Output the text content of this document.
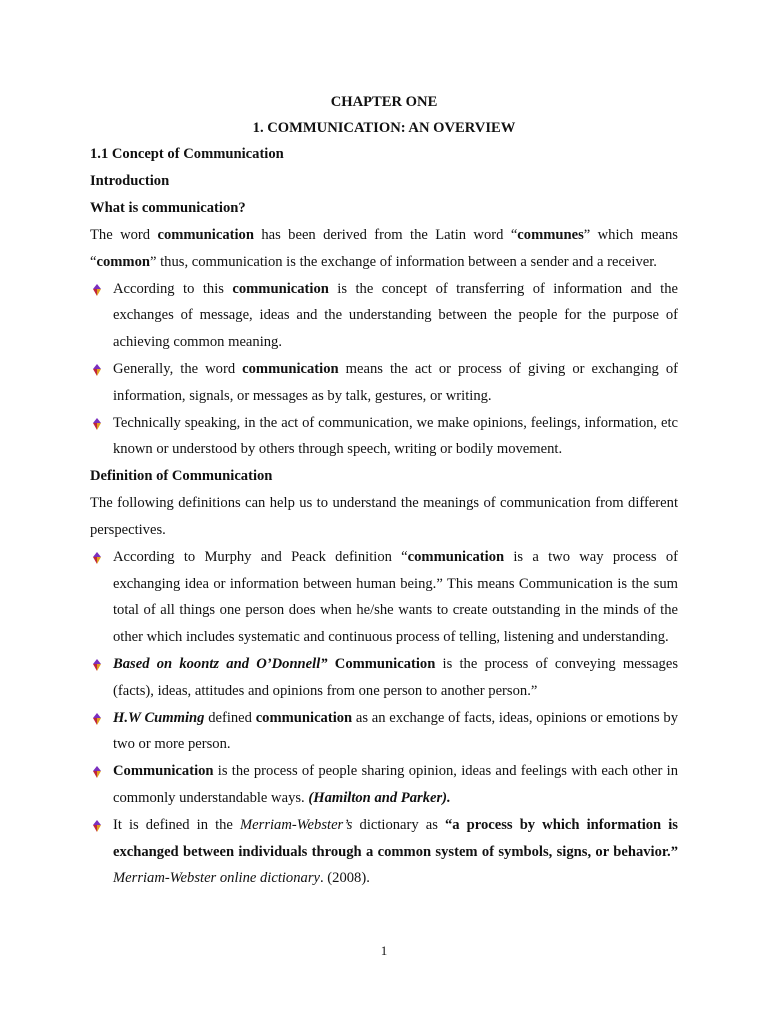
CHAPTER ONE
1. COMMUNICATION: AN OVERVIEW

1.1 Concept of Communication

Introduction

What is communication?

The word communication has been derived from the Latin word “communes” which means “common” thus, communication is the exchange of information between a sender and a receiver.

According to this communication is the concept of transferring of information and the exchanges of message, ideas and the understanding between the people for the purpose of achieving common meaning.
Generally, the word communication means the act or process of giving or exchanging of information, signals, or messages as by talk, gestures, or writing.
Technically speaking, in the act of communication, we make opinions, feelings, information, etc known or understood by others through speech, writing or bodily movement.

Definition of Communication

The following definitions can help us to understand the meanings of communication from different perspectives.

According to Murphy and Peack definition “communication is a two way process of exchanging idea or information between human being.” This means Communication is the sum total of all things one person does when he/she wants to create outstanding in the minds of the other which includes systematic and continuous process of telling, listening and understanding.
Based on koontz and O’Donnell” Communication is the process of conveying messages (facts), ideas, attitudes and opinions from one person to another person.”
H.W Cumming defined communication as an exchange of facts, ideas, opinions or emotions by two or more person.
Communication is the process of people sharing opinion, ideas and feelings with each other in commonly understandable ways. (Hamilton and Parker).
It is defined in the Merriam-Webster’s dictionary as “a process by which information is exchanged between individuals through a common system of symbols, signs, or behavior.” Merriam-Webster online dictionary. (2008).
1
